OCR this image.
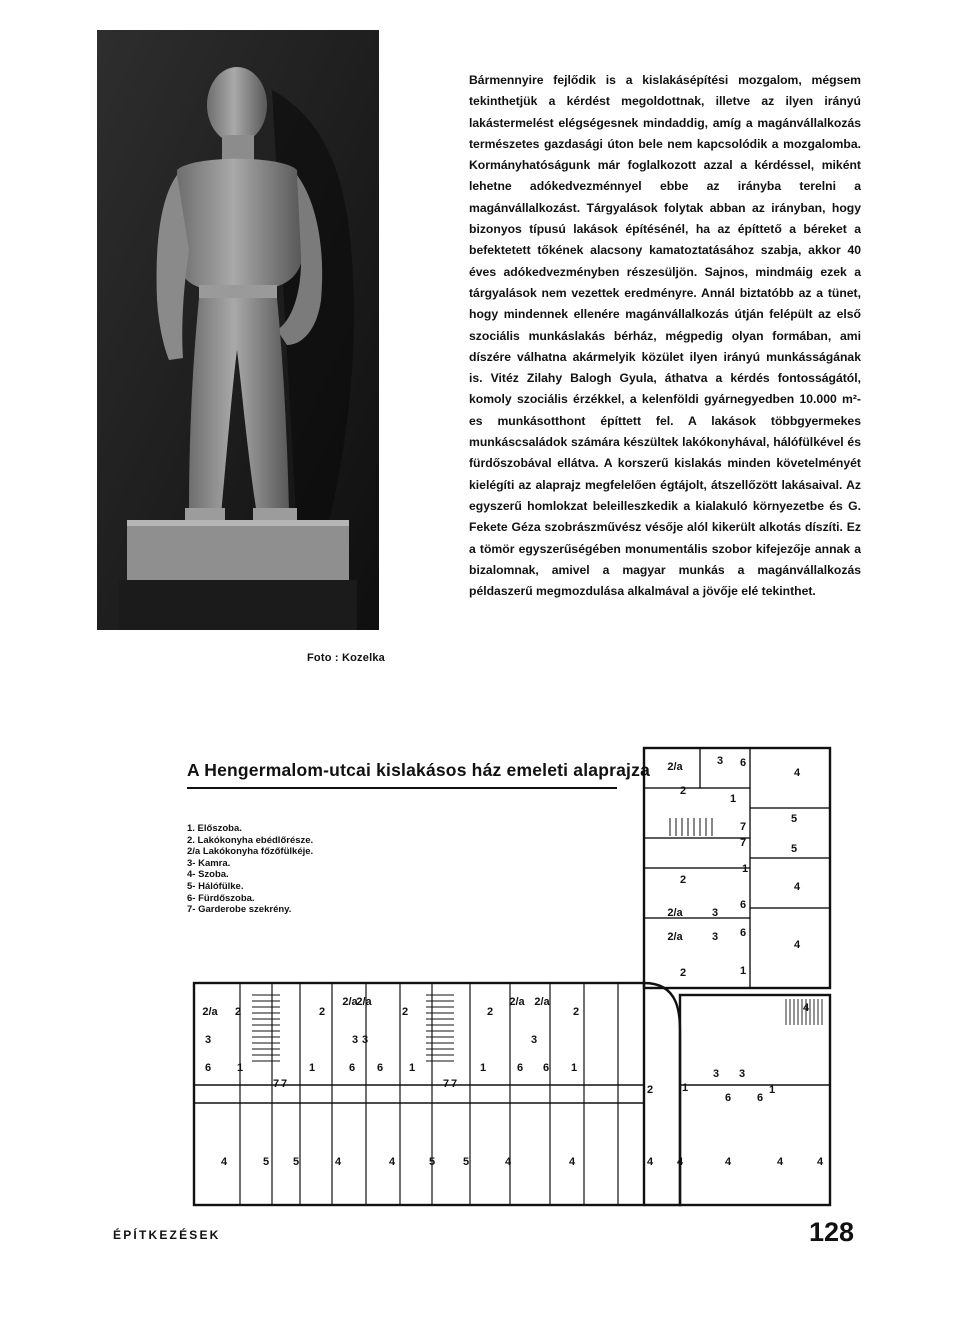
Foto : Kozelka

Bármennyire fejlődik is a kislakásépítési mozgalom, mégsem tekinthetjük a kérdést megoldottnak, illetve az ilyen irányú lakástermelést elégségesnek mindaddig, amíg a magánvállalkozás természetes gazdasági úton bele nem kapcsolódik a mozgalomba. Kormányhatóságunk már foglalkozott azzal a kérdéssel, miként lehetne adókedvezménnyel ebbe az irányba terelni a magánvállalkozást. Tárgyalások folytak abban az irányban, hogy bizonyos típusú lakások építésénél, ha az építtető a béreket a befektetett tőkének alacsony kamatoztatásához szabja, akkor 40 éves adókedvezményben részesüljön. Sajnos, mindmáig ezek a tárgyalások nem vezettek eredményre. Annál biztatóbb az a tünet, hogy mindennek ellenére magánvállalkozás útján felépült az első szociális munkáslakás bérház, mégpedig olyan formában, ami díszére válhatna akármelyik közület ilyen irányú munkásságának is. Vitéz Zilahy Balogh Gyula, áthatva a kérdés fontosságától, komoly szociális érzékkel, a kelenföldi gyárnegyedben 10.000 m²-es munkásotthont építtett fel. A lakások többgyermekes munkáscsaládok számára készültek lakókonyhával, hálófülkével és fürdőszobával ellátva. A korszerű kislakás minden követelményét kielégíti az alaprajz megfelelően égtájolt, átszellőzött lakásaival. Az egyszerű homlokzat beleilleszkedik a kialakuló környezetbe és G. Fekete Géza szobrászművész vésője alól kikerült alkotás díszíti. Ez a tömör egyszerűségében monumentális szobor kifejezője annak a bizalomnak, amivel a magyar munkás a magánvállalkozás példaszerű megmozdulása alkalmával a jövője elé tekinthet.

A Hengermalom-utcai kislakásos ház emeleti alaprajza
1. Előszoba.
2. Lakókonyha ebédlőrésze.
2/a Lakókonyha főzőfülkéje.
3- Kamra.
4- Szoba.
5- Hálófülke.
6- Fürdőszoba.
7- Garderobe szekrény.
2/a	3 6
4
2
1
5
7
7	5
2
1
4
2/a	3
6
2/a	3 6
4
2	1
2/a 2	2
2/a
2/a
2	2
2/a 2/a
2
3	3 3	3
6 1
7 7
1	6 6 1
7 7
1	6 6 1
4	5 5	4	4	5	5	4	4
2	1
3 3
6 6
1
4
4 4	4	4	4
ÉPÍTKEZÉSEK	128
